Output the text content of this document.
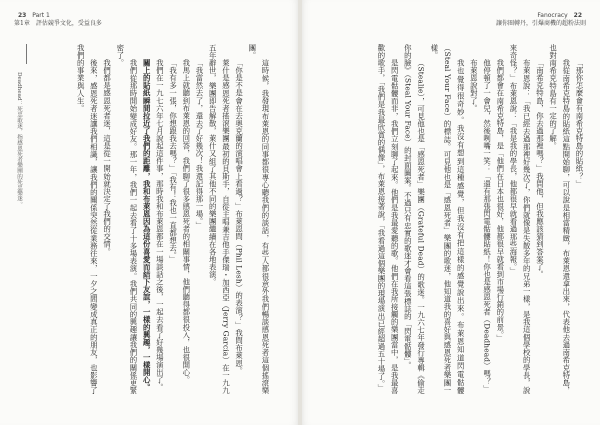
23 Part 1
第1章　評估競爭文化，受益良多
Deadhead：死忠歌迷，指感恩死者樂團的死忠樂迷。	這時候，我發現布萊恩的同事都很專心聽我們的談話，有些人都很意外我們暢談感恩死者這個搖滾樂團。

「你是不是會在去奧克蘭的演唱會上看過？」布萊恩問（Phil Lesh）的表演？」我問布萊恩。

萊什是感恩死者搖滾樂團最初的貝斯手，自從主唱兼吉他手傑瑞・加西亞（Jerry Garcia）在一九九五年辭世，樂團即告解散，萊什又組了其他不同的樂團繼續在各地表演。

「我當然去了，還去了好幾次！我還記得那一場。」

我馬上就聽到布萊恩的回答，我們聊了很多感恩死者的相關事情，他們聽得都很投入，也很開心。

「我有多一張，你想跟我去嗎？」「我有！我也一直都想去。」

我們在一九七六年七月說起這件事，那時我和布萊恩都在一場談話之後，一起去看了好幾場演出了。

關上的貼紙瞬間拉近了我們的距離，我和布萊恩因為這份喜愛而結下友誼，一樣的興趣，一樣開心。

我們從那時開始變成好友。那一年，我們一起去看了十多場表演。我們共同的興趣讓我們的關係更緊密了。

我們都是感恩死者迷，這是從一開始就決定了我們的交情。

後來，感恩死者迷讓我們相識，讓我們的關係突然從業務往來，一夕之間變成真正的朋友，也影響了我們的事業與人生。

Fanocracy 22
讓你圈轉丹，引爆商機的超粉法則

「那你怎麼會有南希克特島的貼紙？」

我從南希克特島的貼紙這點開始聊，可以說是相當精緻，布萊恩還拿出來，代表他去過南希克特島，也對南希克特島有一定的了解。

「南希克特島，你去過那裡嗎？」我問他，但我應該猜到答案了。

布萊恩說：「我已經去過那裡好幾次了，你們就像是失散多年的兄弟一樣，是我這個學校的學長，說來奇怪？」布萊恩說：「我是我的學長，他都很早就看過那些海報。」

我們都會在南希克特島，是「他們在日本也很好，他都很早就看到市場行銷的前景。」

他停頓了一會兒，然後咧嘴一笑：「還有那張閃電骷髏貼紙！你也是感恩死者（Deadhead）嗎？」

布萊恩說對了。

我也覺得很奇妙。我沒有想到這種感覺，但我沒有把這樣的感覺說出來。布萊恩知道閃電骷髏（Steal Your Face）的標誌。可見他也是「感恩死者」樂團的歌迷，他知道我的喜好與感恩死者樂團一樣。

（Stealie），可見他也是「感恩死者」樂團（Grateful Dead）的歌迷。一九六七年發行專輯《偷走你的臉》（Steal Your Face）的封面圖案。不過只有忠實的歌迷才會看這張標誌的「閃電骷髏」。

是閃電骷髏而非，我們立刻聊了起來。他們是我最愛聽的歌。他們在我所接觸的樂團當中，是我最喜歡的歌手，「我們是我最欣賞的偶像」，布萊恩接著說，「我看過這個樂團的現場演出已經超過五十場了。」
